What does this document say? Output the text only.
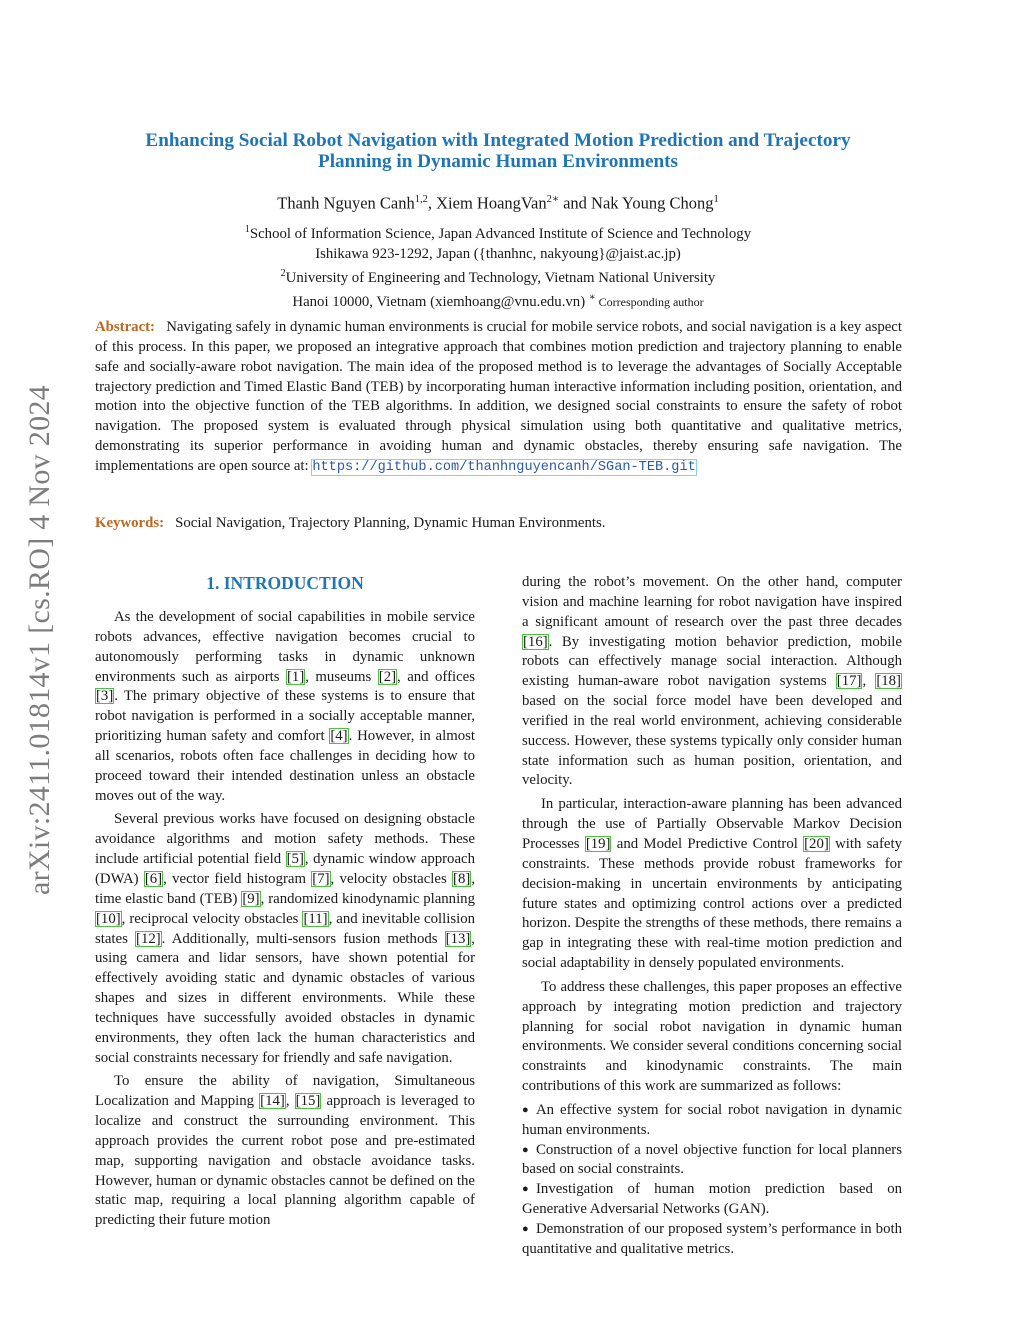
arXiv:2411.01814v1 [cs.RO] 4 Nov 2024
Enhancing Social Robot Navigation with Integrated Motion Prediction and Trajectory
Planning in Dynamic Human Environments
Thanh Nguyen Canh$^{1,2}$, Xiem HoangVan$^{2∗}$ and Nak Young Chong$^1$
$^1$School of Information Science, Japan Advanced Institute of Science and Technology
Ishikawa 923-1292, Japan ({thanhnc, nakyoung}@jaist.ac.jp)
$^2$University of Engineering and Technology, Vietnam National University
Hanoi 10000, Vietnam (xiemhoang@vnu.edu.vn) ∗ Corresponding author
Abstract: Navigating safely in dynamic human environments is crucial for mobile service robots, and social navigation is a key aspect of this process. In this paper, we proposed an integrative approach that combines motion prediction and trajectory planning to enable safe and socially-aware robot navigation. The main idea of the proposed method is to leverage the advantages of Socially Acceptable trajectory prediction and Timed Elastic Band (TEB) by incorporating human interactive information including position, orientation, and motion into the objective function of the TEB algorithms. In addition, we designed social constraints to ensure the safety of robot navigation. The proposed system is evaluated through physical simulation using both quantitative and qualitative metrics, demonstrating its superior performance in avoiding human and dynamic obstacles, thereby ensuring safe navigation. The implementations are open source at: https://github.com/thanhnguyencanh/SGan-TEB.git
Keywords: Social Navigation, Trajectory Planning, Dynamic Human Environments.
1. INTRODUCTION

As the development of social capabilities in mobile service robots advances, effective navigation becomes crucial to autonomously performing tasks in dynamic unknown environments such as airports [1], museums [2], and offices [3]. The primary objective of these systems is to ensure that robot navigation is performed in a socially acceptable manner, prioritizing human safety and comfort [4]. However, in almost all scenarios, robots often face challenges in deciding how to proceed toward their intended destination unless an obstacle moves out of the way.

Several previous works have focused on designing obstacle avoidance algorithms and motion safety methods. These include artificial potential field [5], dynamic window approach (DWA) [6], vector field histogram [7], velocity obstacles [8], time elastic band (TEB) [9], randomized kinodynamic planning [10], reciprocal velocity obstacles [11], and inevitable collision states [12]. Additionally, multi-sensors fusion methods [13], using camera and lidar sensors, have shown potential for effectively avoiding static and dynamic obstacles of various shapes and sizes in different environments. While these techniques have successfully avoided obstacles in dynamic environments, they often lack the human characteristics and social constraints necessary for friendly and safe navigation.

To ensure the ability of navigation, Simultaneous Localization and Mapping [14], [15] approach is leveraged to localize and construct the surrounding environment. This approach provides the current robot pose and pre-estimated map, supporting navigation and obstacle avoidance tasks. However, human or dynamic obstacles cannot be defined on the static map, requiring a local planning algorithm capable of predicting their future motion

during the robot’s movement. On the other hand, computer vision and machine learning for robot navigation have inspired a significant amount of research over the past three decades [16]. By investigating motion behavior prediction, mobile robots can effectively manage social interaction. Although existing human-aware robot navigation systems [17], [18] based on the social force model have been developed and verified in the real world environment, achieving considerable success. However, these systems typically only consider human state information such as human position, orientation, and velocity.

In particular, interaction-aware planning has been advanced through the use of Partially Observable Markov Decision Processes [19] and Model Predictive Control [20] with safety constraints. These methods provide robust frameworks for decision-making in uncertain environments by anticipating future states and optimizing control actions over a predicted horizon. Despite the strengths of these methods, there remains a gap in integrating these with real-time motion prediction and social adaptability in densely populated environments.

To address these challenges, this paper proposes an effective approach by integrating motion prediction and trajectory planning for social robot navigation in dynamic human environments. We consider several conditions concerning social constraints and kinodynamic constraints. The main contributions of this work are summarized as follows:

● An effective system for social robot navigation in dynamic human environments.
● Construction of a novel objective function for local planners based on social constraints.
● Investigation of human motion prediction based on Generative Adversarial Networks (GAN).
● Demonstration of our proposed system’s performance in both quantitative and qualitative metrics.
